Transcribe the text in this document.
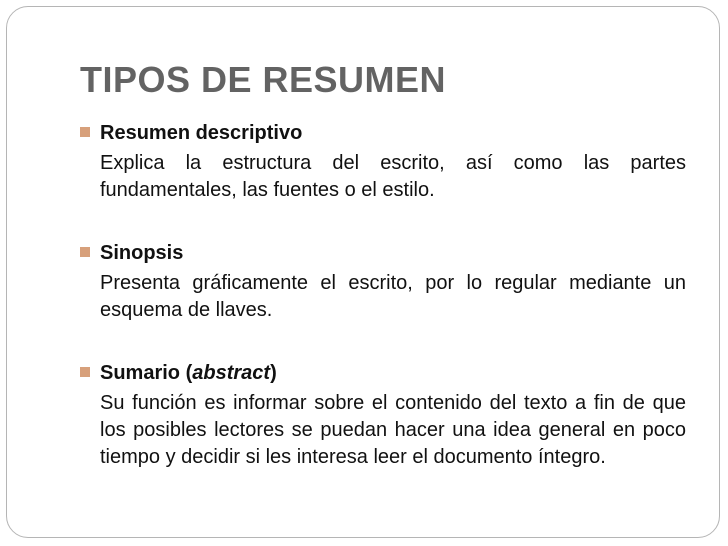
TIPOS DE RESUMEN
Resumen descriptivo
Explica la estructura del escrito, así como las partes fundamentales, las fuentes o el estilo.
Sinopsis
Presenta gráficamente el escrito, por lo regular mediante un esquema de llaves.
Sumario (abstract)
Su función es informar sobre el contenido del texto a fin de que los posibles lectores se puedan hacer una idea general en poco tiempo y decidir si les interesa leer el documento íntegro.
